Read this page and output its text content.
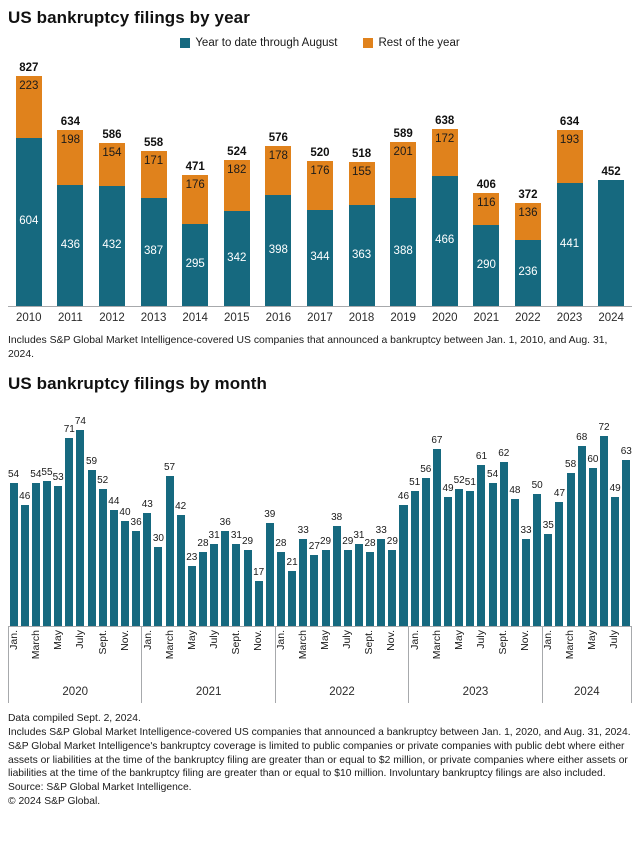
US bankruptcy filings by year
Year to date through August	Rest of the year
827
223
604
634
198
436
586
154
432
558
171
387
471
176
295
524
182
342
576
178
398
520
176
344
518
155
363
589
201
388
638
172
466
406
116
290
372
136
236
634
193
441
452
2010	2011	2012	2013	2014	2015	2016	2017	2018	2019	2020	2021	2022	2023	2024
Includes S&P Global Market Intelligence-covered US companies that announced a bankruptcy between Jan. 1, 2010, and Aug. 31, 2024.
US bankruptcy filings by month
54
46
54 55 53
71
74
59
52
44
40
36
43
30
57
42
23
28
31
36
31 29
17
39
28
21
33
27 29
38
29 31
28
33
29
46
51
56
67
49
52 51
61
54
62
48
33
50
35
47
58
68
60
72
49
63
Jan. March May July Sept. Nov.
2020
Jan. March May July Sept. Nov.
2021
Jan. March May July Sept. Nov.
2022
Jan. March May July Sept. Nov.
2023
Jan. March May July
2024
Data compiled Sept. 2, 2024.
Includes S&P Global Market Intelligence-covered US companies that announced a bankruptcy between Jan. 1, 2020, and Aug. 31, 2024.
S&P Global Market Intelligence's bankruptcy coverage is limited to public companies or private companies with public debt where either assets or liabilities at the time of the bankruptcy filing are greater than or equal to $2 million, or private companies where either assets or liabilities at the time of the bankruptcy filing are greater than or equal to $10 million. Involuntary bankruptcy filings are also included.
Source: S&P Global Market Intelligence.
© 2024 S&P Global.
